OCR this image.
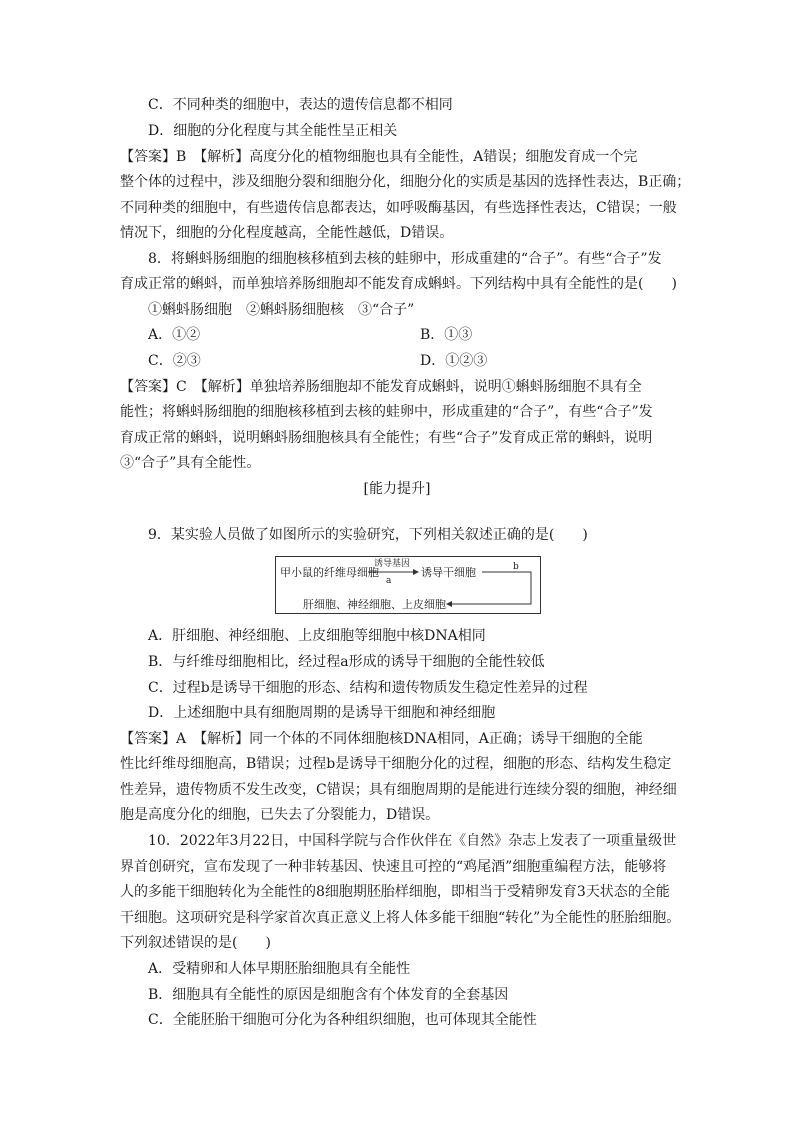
C．不同种类的细胞中，表达的遗传信息都不相同
D．细胞的分化程度与其全能性呈正相关
【答案】B　【解析】高度分化的植物细胞也具有全能性，A错误；细胞发育成一个完
整个体的过程中，涉及细胞分裂和细胞分化，细胞分化的实质是基因的选择性表达，B正确；
不同种类的细胞中，有些遗传信息都表达，如呼吸酶基因，有些选择性表达，C错误；一般
情况下，细胞的分化程度越高，全能性越低，D错误。
8．将蝌蚪肠细胞的细胞核移植到去核的蛙卵中，形成重建的“合子”。有些“合子”发
育成正常的蝌蚪，而单独培养肠细胞却不能发育成蝌蚪。下列结构中具有全能性的是(　　)
①蝌蚪肠细胞　②蝌蚪肠细胞核　③“合子”
A．①②	B．①③
C．②③	D．①②③
【答案】C　【解析】单独培养肠细胞却不能发育成蝌蚪，说明①蝌蚪肠细胞不具有全
能性；将蝌蚪肠细胞的细胞核移植到去核的蛙卵中，形成重建的“合子”，有些“合子”发
育成正常的蝌蚪，说明蝌蚪肠细胞核具有全能性；有些“合子”发育成正常的蝌蚪，说明
③“合子”具有全能性。
[能力提升]
9．某实验人员做了如图所示的实验研究，下列相关叙述正确的是(　　)
甲小鼠的纤维母细胞
诱导基因
a
诱导干细胞	b
肝细胞、神经细胞、上皮细胞
A．肝细胞、神经细胞、上皮细胞等细胞中核DNA相同
B．与纤维母细胞相比，经过程a形成的诱导干细胞的全能性较低
C．过程b是诱导干细胞的形态、结构和遗传物质发生稳定性差异的过程
D．上述细胞中具有细胞周期的是诱导干细胞和神经细胞
【答案】A　【解析】同一个体的不同体细胞核DNA相同，A正确；诱导干细胞的全能
性比纤维母细胞高，B错误；过程b是诱导干细胞分化的过程，细胞的形态、结构发生稳定
性差异，遗传物质不发生改变，C错误；具有细胞周期的是能进行连续分裂的细胞，神经细
胞是高度分化的细胞，已失去了分裂能力，D错误。
10．2022年3月22日，中国科学院与合作伙伴在《自然》杂志上发表了一项重量级世
界首创研究，宣布发现了一种非转基因、快速且可控的“鸡尾酒”细胞重编程方法，能够将
人的多能干细胞转化为全能性的8细胞期胚胎样细胞，即相当于受精卵发育3天状态的全能
干细胞。这项研究是科学家首次真正意义上将人体多能干细胞“转化”为全能性的胚胎细胞。
下列叙述错误的是(　　)
A．受精卵和人体早期胚胎细胞具有全能性
B．细胞具有全能性的原因是细胞含有个体发育的全套基因
C．全能胚胎干细胞可分化为各种组织细胞，也可体现其全能性
